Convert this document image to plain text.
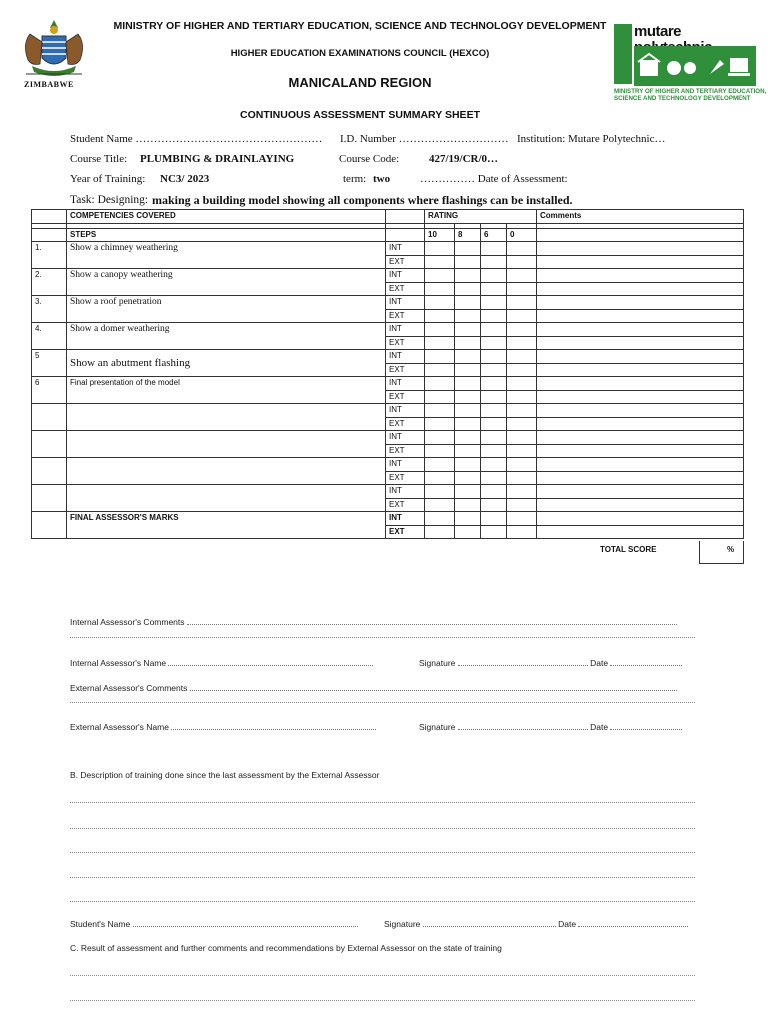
ZIMBABWE
MINISTRY OF HIGHER AND TERTIARY EDUCATION, SCIENCE AND TECHNOLOGY DEVELOPMENT
HIGHER EDUCATION EXAMINATIONS COUNCIL (HEXCO)
MANICALAND REGION
CONTINUOUS ASSESSMENT SUMMARY SHEET
mutare
MINISTRY OF HIGHER AND TERTIARY EDUCATION,
SCIENCE AND TECHNOLOGY DEVELOPMENT
Student Name …………………………………………… I.D. Number ………………………… Institution: Mutare Polytechnic…
Course Title: PLUMBING & DRAINLAYING	Course Code:	427/19/CR/0…
Year of Training: NC3/ 2023	term: two	…………… Date of Assessment:
Task: Designing: making a building model showing all components where flashings can be installed.
	COMPETENCIES COVERED		RATING				Comments

	STEPS		10	8	6	0	
1.	Show a chimney weathering	INT					
		EXT					
2.	Show a canopy weathering	INT					
		EXT					
3.	Show a roof penetration	INT					
		EXT					
4.	Show a domer weathering	INT					
		EXT					
5	Show an abutment flashing	INT					
		EXT					
6	Final presentation of the model	INT					
		EXT					
		INT					
		EXT					
		INT					
		EXT					
		INT					
		EXT					
		INT					
		EXT					
	FINAL ASSESSOR'S MARKS	INT					
		EXT					
TOTAL SCORE	%
Internal Assessor's Comments
Internal Assessor's Name	Signature	Date
External Assessor's Comments
External Assessor's Name	Signature	Date
B. Description of training done since the last assessment by the External Assessor
Student's Name	Signature	Date
C. Result of assessment and further comments and recommendations by External Assessor on the state of training
